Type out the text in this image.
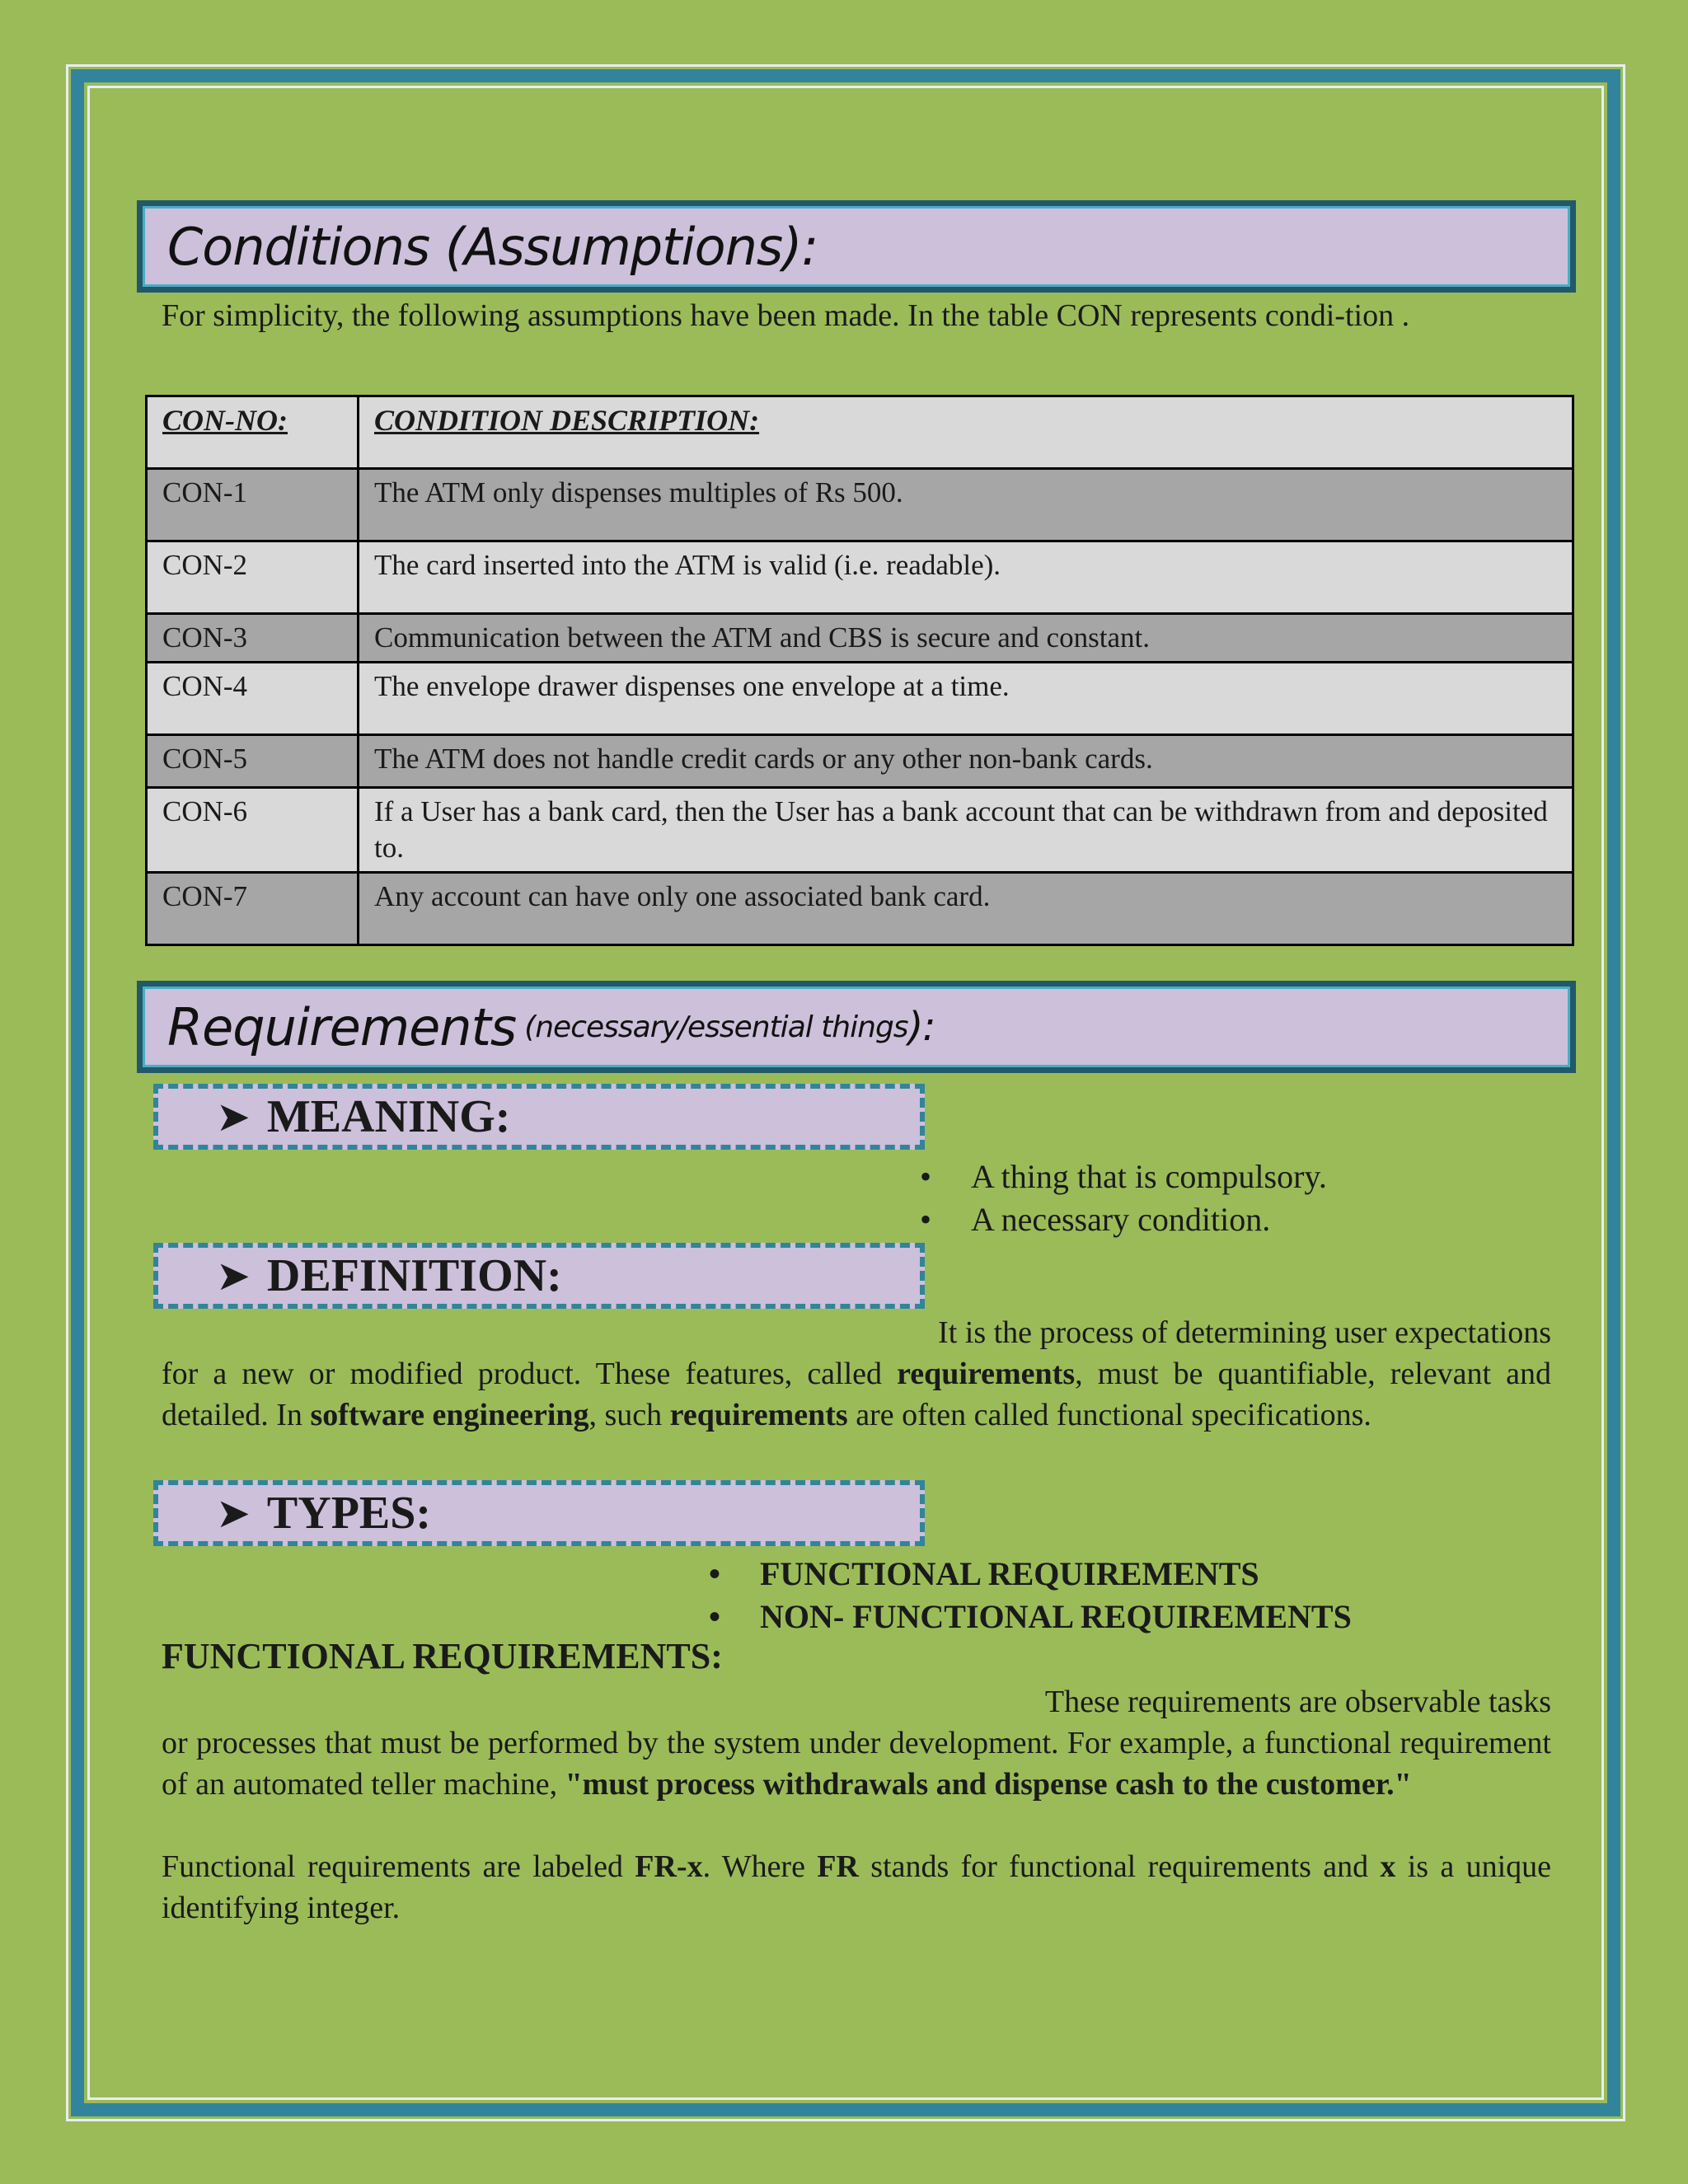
Conditions (Assumptions):
For simplicity, the following assumptions have been made. In the table CON represents condi-tion .
CON-NO:	CONDITION DESCRIPTION:
CON-1	The ATM only dispenses multiples of Rs 500.
CON-2	The card inserted into the ATM is valid (i.e. readable).
CON-3	Communication between the ATM and CBS is secure and constant.
CON-4	The envelope drawer dispenses one envelope at a time.
CON-5	The ATM does not handle credit cards or any other non-bank cards.
CON-6	If a User has a bank card, then the User has a bank account that can be withdrawn from and deposited to.
CON-7	Any account can have only one associated bank card.
Requirements (necessary/essential things ):
➤ MEANING:
• A thing that is compulsory.
• A necessary condition.
➤ DEFINITION:
It is the process of determining user expectations
for a new or modified product. These features, called requirements, must be quantifiable, relevant and detailed. In software engineering, such requirements are often called functional specifications.
➤ TYPES:
• FUNCTIONAL REQUIREMENTS
• NON- FUNCTIONAL REQUIREMENTS
FUNCTIONAL REQUIREMENTS:
These requirements are observable tasks
or processes that must be performed by the system under development. For example, a functional requirement of an automated teller machine, "must process withdrawals and dispense cash to the customer."
Functional requirements are labeled FR-x. Where FR stands for functional requirements and x is a unique identifying integer.
